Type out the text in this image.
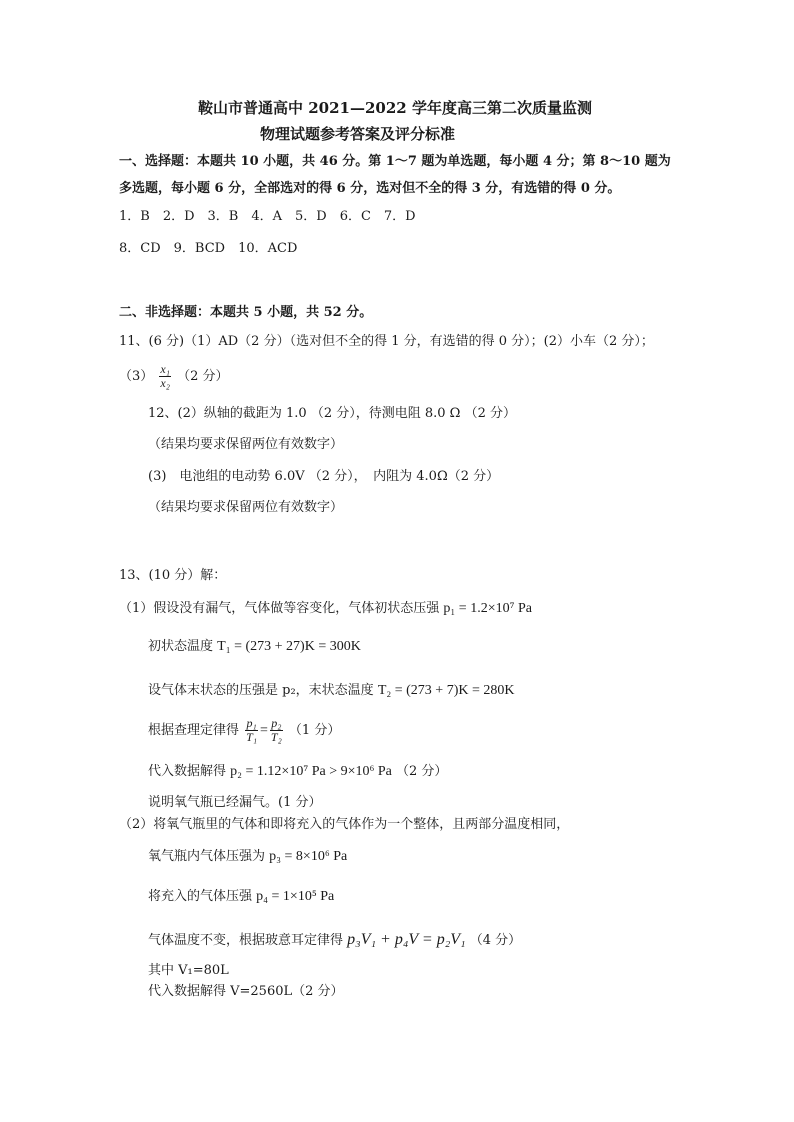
鞍山市普通高中 2021—2022 学年度高三第二次质量监测
物理试题参考答案及评分标准
一、选择题：本题共 10 小题，共 46 分。第 1～7 题为单选题，每小题 4 分；第 8～10 题为
多选题，每小题 6 分，全部选对的得 6 分，选对但不全的得 3 分，有选错的得 0 分。
1．B　2．D　3．B　4．A　5．D　6．C　7．D
8．CD　9．BCD　10．ACD
二、非选择题：本题共 5 小题，共 52 分。
11、(6 分)（1）AD（2 分）（选对但不全的得 1 分，有选错的得 0 分）；(2）小车（2 分）；
$(3) \frac{\text{x₁}}{\text{x₂}} (2$ 分）
12、(2）纵轴的截距为 1.0 （2 分），待测电阻 8.0 Ω （2 分）
（结果均要求保留两位有效数字）
(3)　电池组的电动势 6.0V （2 分），　内阻为 4.0Ω（2 分）
（结果均要求保留两位有效数字）
13、(10 分）解：
（1）假设没有漏气，气体做等容变化，气体初状态压强 p₁ = 1.2×10⁷ Pa
初状态温度 T₁ = (273 + 27)K = 300K
设气体末状态的压强是 p₂，末状态温度 T₂ = (273 + 7)K = 280K
根据查理定律得 $\frac{\text{p₁}}{\text{T₁}} = \frac{\text{p₂}}{\text{T₂}} (1$ 分）
代入数据解得 p₂ = 1.12×10⁷ Pa > 9×10⁶ Pa （2 分）
说明氧气瓶已经漏气。(1 分）
（2）将氧气瓶里的气体和即将充入的气体作为一个整体，且两部分温度相同，
氧气瓶内气体压强为 p₃ = 8×10⁶ Pa
将充入的气体压强 p₄ = 1×10⁵ Pa
气体温度不变，根据玻意耳定律得 p₃V₁ + p₄V = p₂V₁ （4 分）
其中 V₁=80L
代入数据解得 V=2560L（2 分）
